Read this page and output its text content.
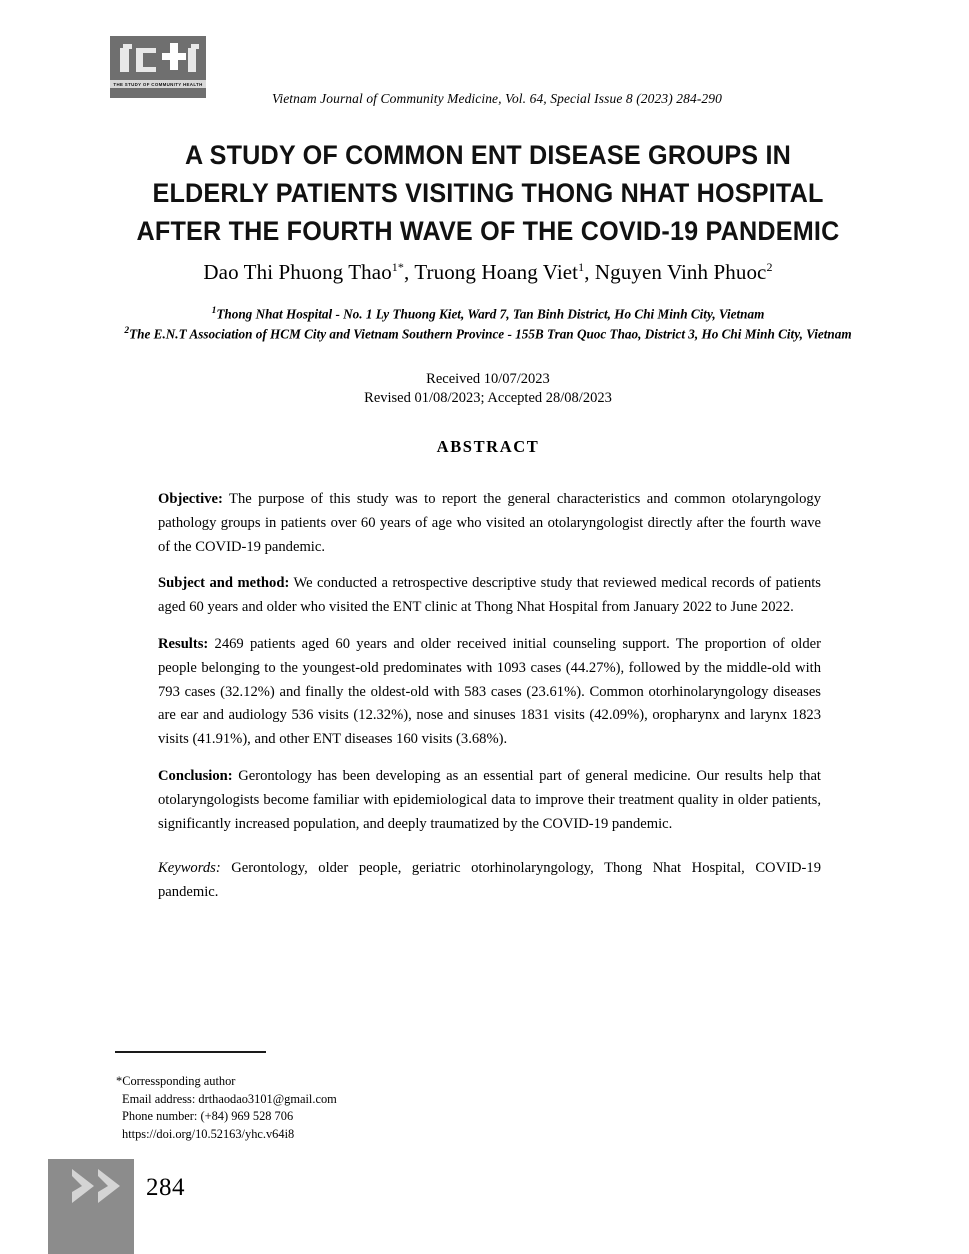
THE STUDY OF COMMUNITY HEALTH
Vietnam Journal of Community Medicine, Vol. 64, Special Issue 8 (2023) 284-290
A STUDY OF COMMON ENT DISEASE GROUPS IN ELDERLY PATIENTS VISITING THONG NHAT HOSPITAL AFTER THE FOURTH WAVE OF THE COVID-19 PANDEMIC
Dao Thi Phuong Thao$^{1*}$, Truong Hoang Viet$^1$, Nguyen Vinh Phuoc$^2$
$^1$Thong Nhat Hospital - No. 1 Ly Thuong Kiet, Ward 7, Tan Binh District, Ho Chi Minh City, Vietnam
$^2$The E.N.T Association of HCM City and Vietnam Southern Province - 155B Tran Quoc Thao, District 3, Ho Chi Minh City, Vietnam
Received 10/07/2023
Revised 01/08/2023; Accepted 28/08/2023
ABSTRACT

Objective: The purpose of this study was to report the general characteristics and common otolaryngology pathology groups in patients over 60 years of age who visited an otolaryngologist directly after the fourth wave of the COVID-19 pandemic.

Subject and method: We conducted a retrospective descriptive study that reviewed medical records of patients aged 60 years and older who visited the ENT clinic at Thong Nhat Hospital from January 2022 to June 2022.

Results: 2469 patients aged 60 years and older received initial counseling support. The proportion of older people belonging to the youngest-old predominates with 1093 cases (44.27%), followed by the middle-old with 793 cases (32.12%) and finally the oldest-old with 583 cases (23.61%). Common otorhinolaryngology diseases are ear and audiology 536 visits (12.32%), nose and sinuses 1831 visits (42.09%), oropharynx and larynx 1823 visits (41.91%), and other ENT diseases 160 visits (3.68%).

Conclusion: Gerontology has been developing as an essential part of general medicine. Our results help that otolaryngologists become familiar with epidemiological data to improve their treatment quality in older patients, significantly increased population, and deeply traumatized by the COVID-19 pandemic.

Keywords: Gerontology, older people, geriatric otorhinolaryngology, Thong Nhat Hospital, COVID-19 pandemic.

*Corressponding author
Email address: drthaodao3101@gmail.com
Phone number: (+84) 969 528 706
https://doi.org/10.52163/yhc.v64i8
284
